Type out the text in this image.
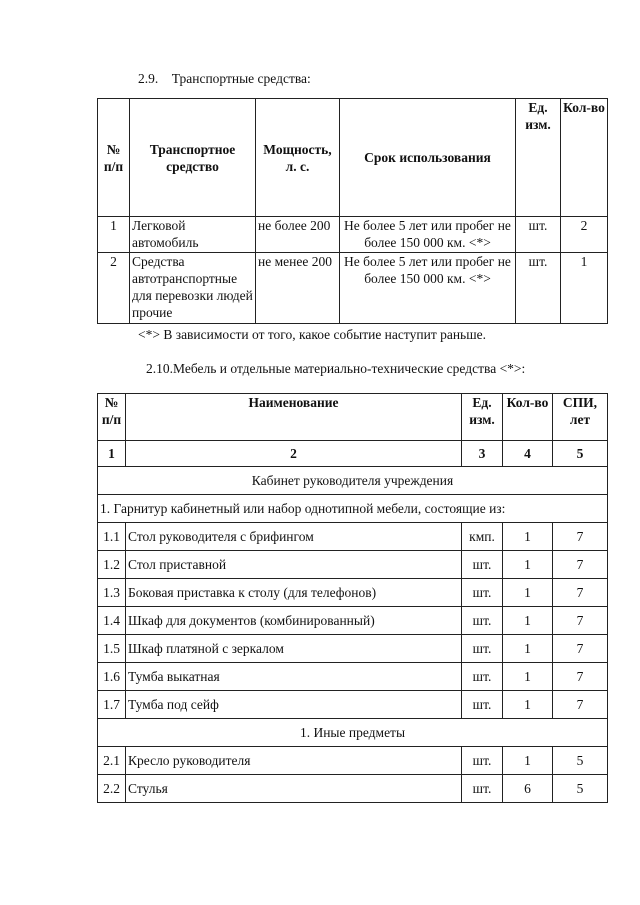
2.9.    Транспортные средства:
№ п/п	Транспортное средство	Мощность, л. с.	Срок использования	Ед. изм.	Кол-во
1	Легковой автомобиль	не более 200	Не более 5 лет или пробег не более 150 000 км. <*>	шт.	2
2	Средства автотранспортные для перевозки людей прочие	не менее 200	Не более 5 лет или пробег не более 150 000 км. <*>	шт.	1
<*> В зависимости от того, какое событие наступит раньше.
2.10.Мебель и отдельные материально-технические средства <*>:
№ п/п	Наименование	Ед. изм.	Кол-во	СПИ, лет
1	2	3	4	5
Кабинет руководителя учреждения				
1. Гарнитур кабинетный или набор однотипной мебели, состоящие из:				
1.1	Стол руководителя с брифингом	кмп.	1	7
1.2	Стол приставной	шт.	1	7
1.3	Боковая приставка к столу (для телефонов)	шт.	1	7
1.4	Шкаф для документов (комбинированный)	шт.	1	7
1.5	Шкаф платяной с зеркалом	шт.	1	7
1.6	Тумба выкатная	шт.	1	7
1.7	Тумба под сейф	шт.	1	7
1. Иные предметы				
2.1	Кресло руководителя	шт.	1	5
2.2	Стулья	шт.	6	5
